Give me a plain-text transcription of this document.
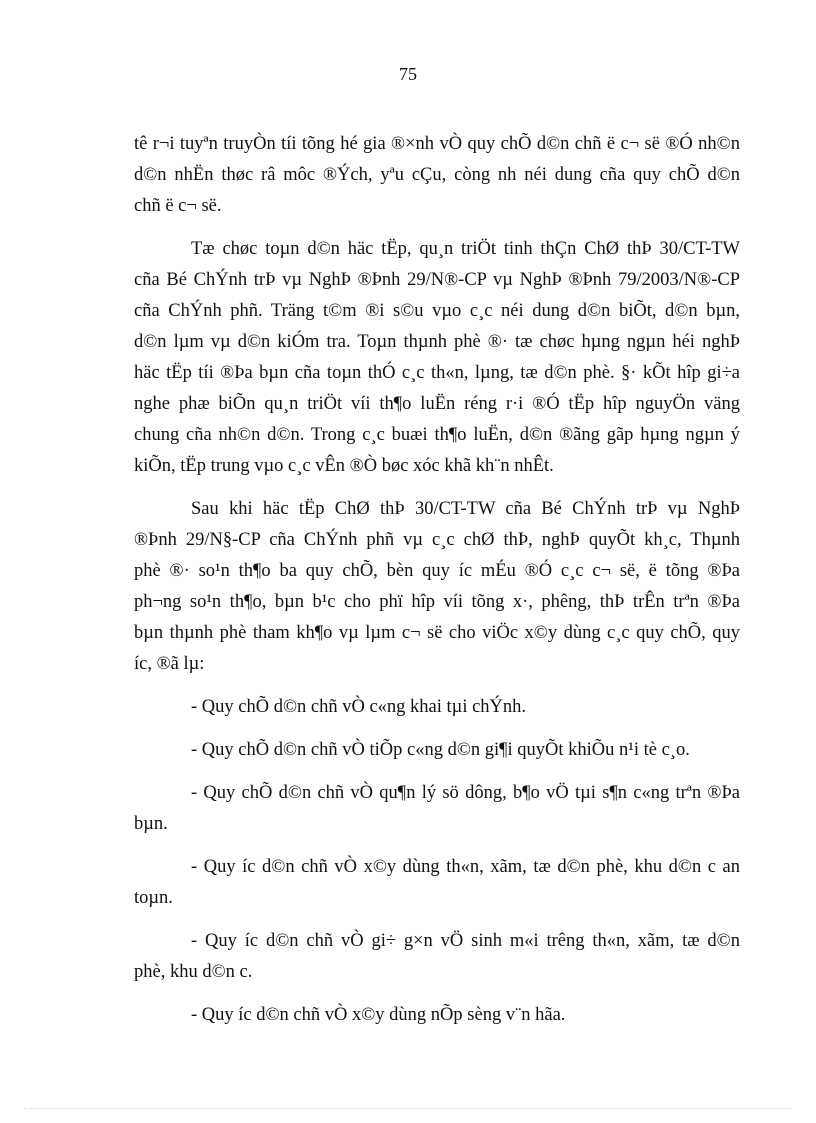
75

tê r¬i tuyªn truyÒn tíi tõng hé gia ®×nh vÒ quy chÕ d©n chñ ë c¬ së ®Ó nh©n
d©n nhËn thøc râ môc ®Ých, yªu cÇu, còng nh néi dung cña quy chÕ d©n
chñ ë c¬ së.

Tæ chøc toµn d©n häc tËp, qu¸n triÖt tinh thÇn ChØ thÞ 30/CT-TW
cña Bé ChÝnh trÞ vµ NghÞ ®Þnh 29/N®-CP vµ NghÞ ®Þnh 79/2003/N®-CP
cña ChÝnh phñ. Träng t©m ®i s©u vµo c¸c néi dung d©n biÕt, d©n bµn,
d©n lµm vµ d©n kiÓm tra. Toµn thµnh phè ®· tæ chøc hµng ngµn héi nghÞ
häc tËp tíi ®Þa bµn cña toµn thÓ c¸c th«n, lµng, tæ d©n phè. §· kÕt hîp gi÷a
nghe phæ biÕn qu¸n triÖt víi th¶o luËn réng r·i ®Ó tËp hîp nguyÖn väng
chung cña nh©n d©n. Trong c¸c buæi th¶o luËn, d©n ®ãng gãp hµng ngµn ý
kiÕn, tËp trung vµo c¸c vÊn ®Ò bøc xóc khã kh¨n nhÊt.

Sau khi häc tËp ChØ thÞ 30/CT-TW cña Bé ChÝnh trÞ vµ NghÞ
®Þnh 29/N§-CP cña ChÝnh phñ vµ c¸c chØ thÞ, nghÞ quyÕt kh¸c, Thµnh
phè ®· so¹n th¶o ba quy chÕ, bèn quy íc mÉu ®Ó c¸c c¬ së, ë tõng ®Þa
ph¬ng so¹n th¶o, bµn b¹c cho phï hîp víi tõng x·, phêng, thÞ trÊn trªn ®Þa
bµn thµnh phè tham kh¶o vµ lµm c¬ së cho viÖc x©y dùng c¸c quy chÕ, quy
íc, ®ã lµ:

- Quy chÕ d©n chñ vÒ c«ng khai tµi chÝnh.

- Quy chÕ d©n chñ vÒ tiÕp c«ng d©n gi¶i quyÕt khiÕu n¹i tè c¸o.

- Quy chÕ d©n chñ vÒ qu¶n lý sö dông, b¶o vÖ tµi s¶n c«ng trªn ®Þa
bµn.

- Quy íc d©n chñ vÒ x©y dùng th«n, xãm, tæ d©n phè, khu d©n c an
toµn.

- Quy íc d©n chñ vÒ gi÷ g×n vÖ sinh m«i trêng th«n, xãm, tæ d©n
phè, khu d©n c.

- Quy íc d©n chñ vÒ x©y dùng nÕp sèng v¨n hãa.
